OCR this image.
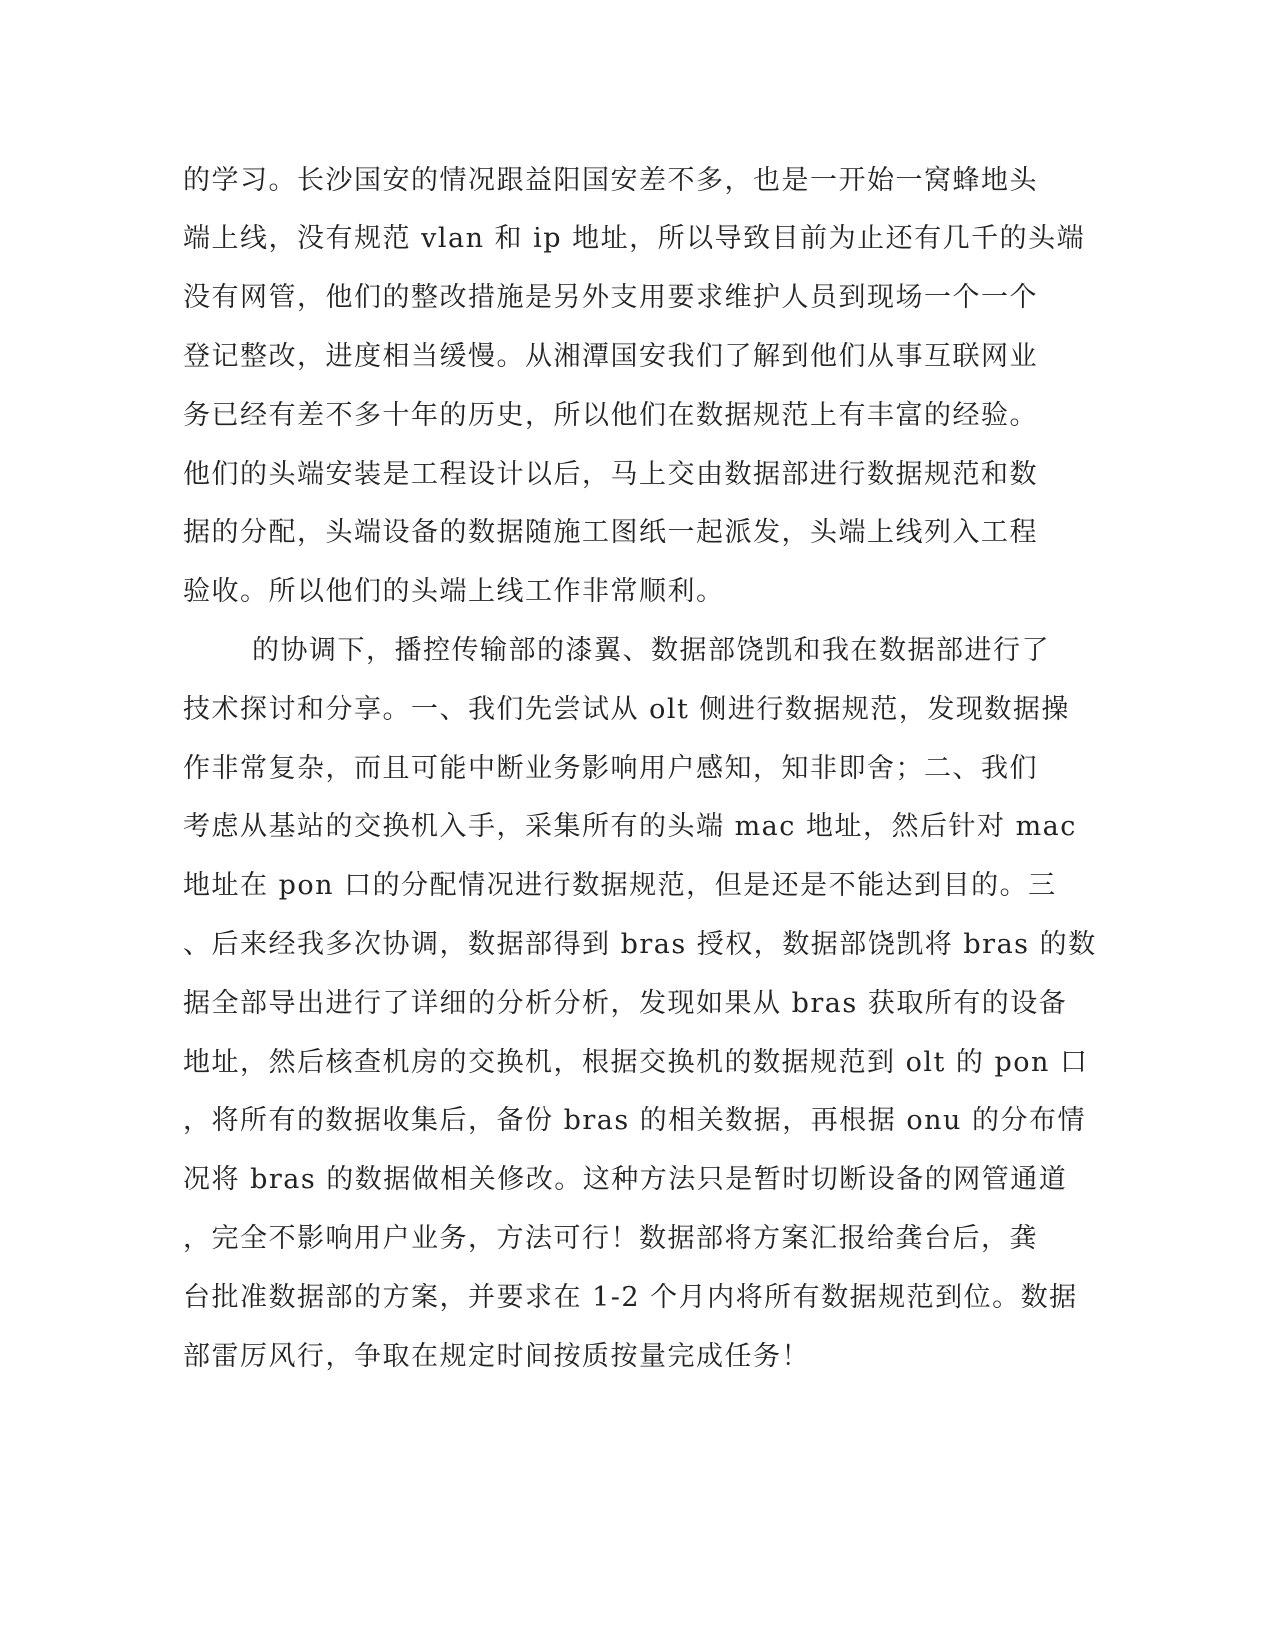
的学习。长沙国安的情况跟益阳国安差不多，也是一开始一窝蜂地头
端上线，没有规范 vlan 和 ip 地址，所以导致目前为止还有几千的头端
没有网管，他们的整改措施是另外支用要求维护人员到现场一个一个
登记整改，进度相当缓慢。从湘潭国安我们了解到他们从事互联网业
务已经有差不多十年的历史，所以他们在数据规范上有丰富的经验。
他们的头端安装是工程设计以后，马上交由数据部进行数据规范和数
据的分配，头端设备的数据随施工图纸一起派发，头端上线列入工程
验收。所以他们的头端上线工作非常顺利。
的协调下，播控传输部的漆翼、数据部饶凯和我在数据部进行了
技术探讨和分享。一、我们先尝试从 olt 侧进行数据规范，发现数据操
作非常复杂，而且可能中断业务影响用户感知，知非即舍；二、我们
考虑从基站的交换机入手，采集所有的头端 mac 地址，然后针对 mac
地址在 pon 口的分配情况进行数据规范，但是还是不能达到目的。三
、后来经我多次协调，数据部得到 bras 授权，数据部饶凯将 bras 的数
据全部导出进行了详细的分析分析，发现如果从 bras 获取所有的设备
地址，然后核查机房的交换机，根据交换机的数据规范到 olt 的 pon 口
，将所有的数据收集后，备份 bras 的相关数据，再根据 onu 的分布情
况将 bras 的数据做相关修改。这种方法只是暂时切断设备的网管通道
，完全不影响用户业务，方法可行！数据部将方案汇报给龚台后，龚
台批准数据部的方案，并要求在 1-2 个月内将所有数据规范到位。数据
部雷厉风行，争取在规定时间按质按量完成任务！
